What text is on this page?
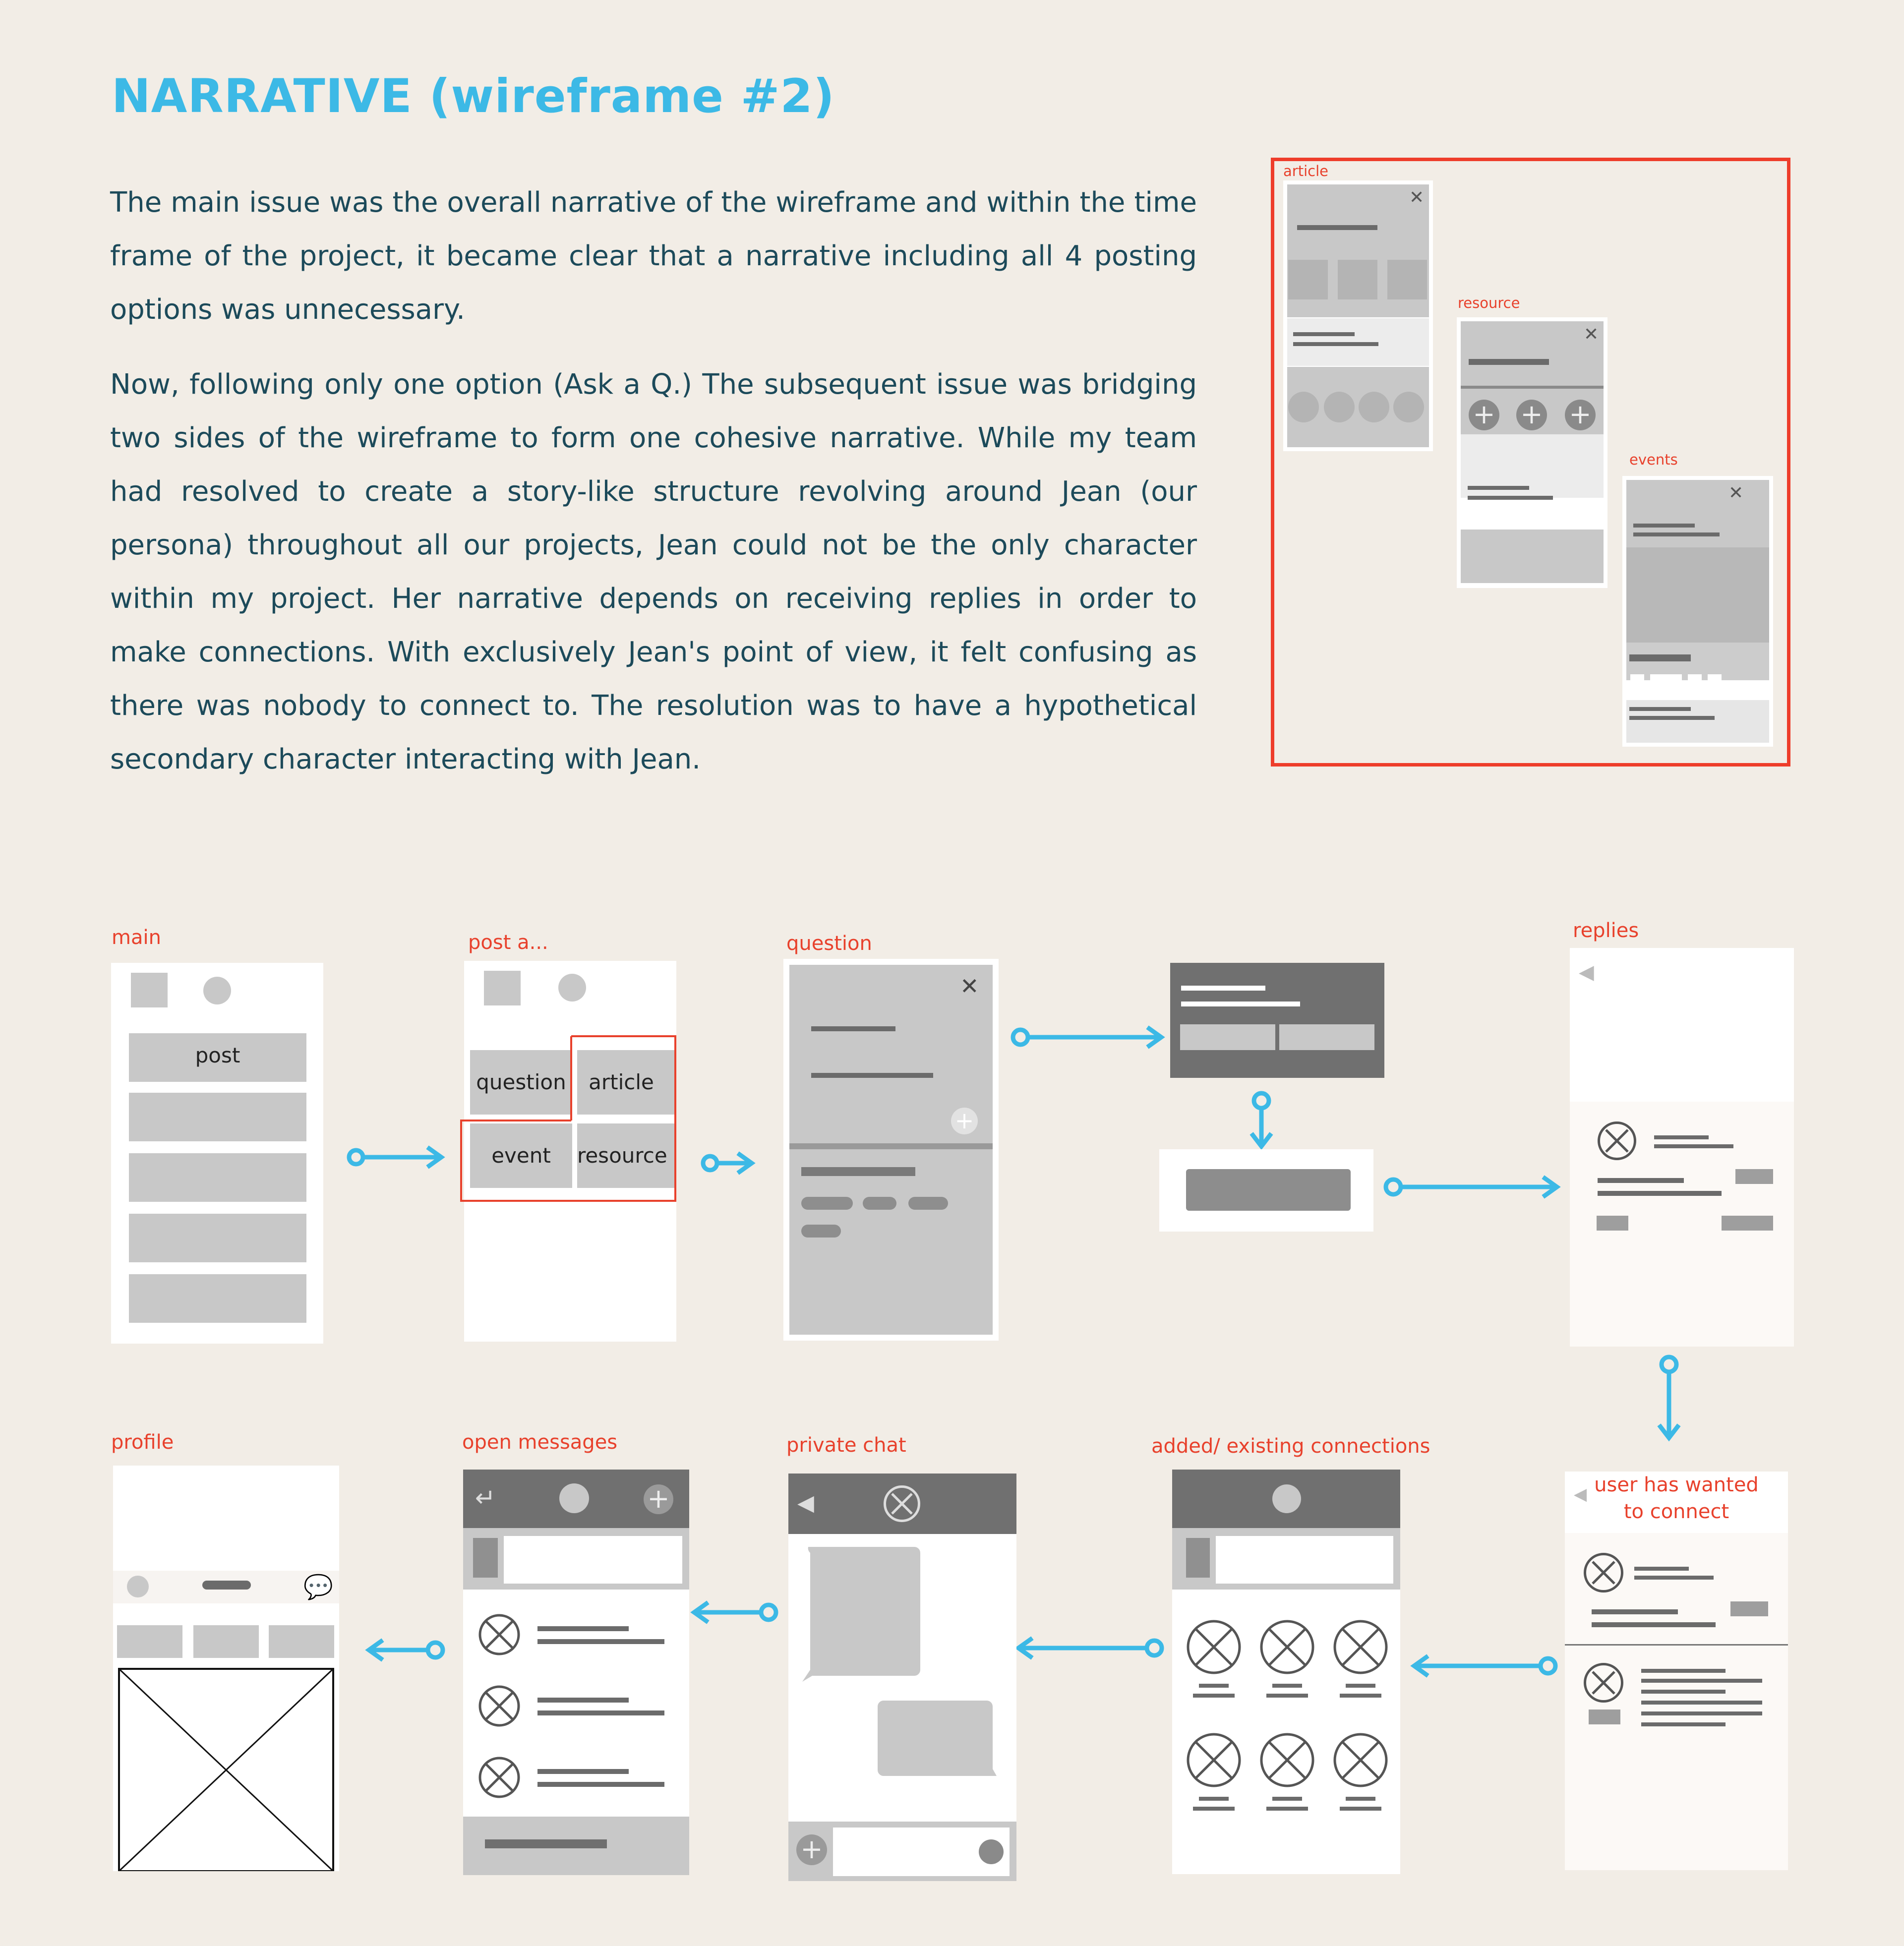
NARRATIVE (wireframe #2)

The main issue was the overall narrative of the wireframe and within the time frame of the project, it became clear that a narrative including all 4 posting options was unnecessary.

Now, following only one option (Ask a Q.) The subsequent issue was bridging two sides of the wireframe to form one cohesive narrative. While my team had resolved to create a story-like structure revolving around Jean (our persona) throughout all our projects, Jean could not be the only character within my project. Her narrative depends on receiving replies in order to make connections. With exclusively Jean's point of view, it felt confusing as there was nobody to connect to. The resolution was to have a hypothetical secondary character interacting with Jean.

article
✕
resource
✕
+ + +
events
✕
main
post
post a...
question	article
event	resource
question
✕
+
replies
◀
◀ user has wanted
to connect
added/ existing connections
private chat
◀
+
open messages
↵	+
profile
💬
